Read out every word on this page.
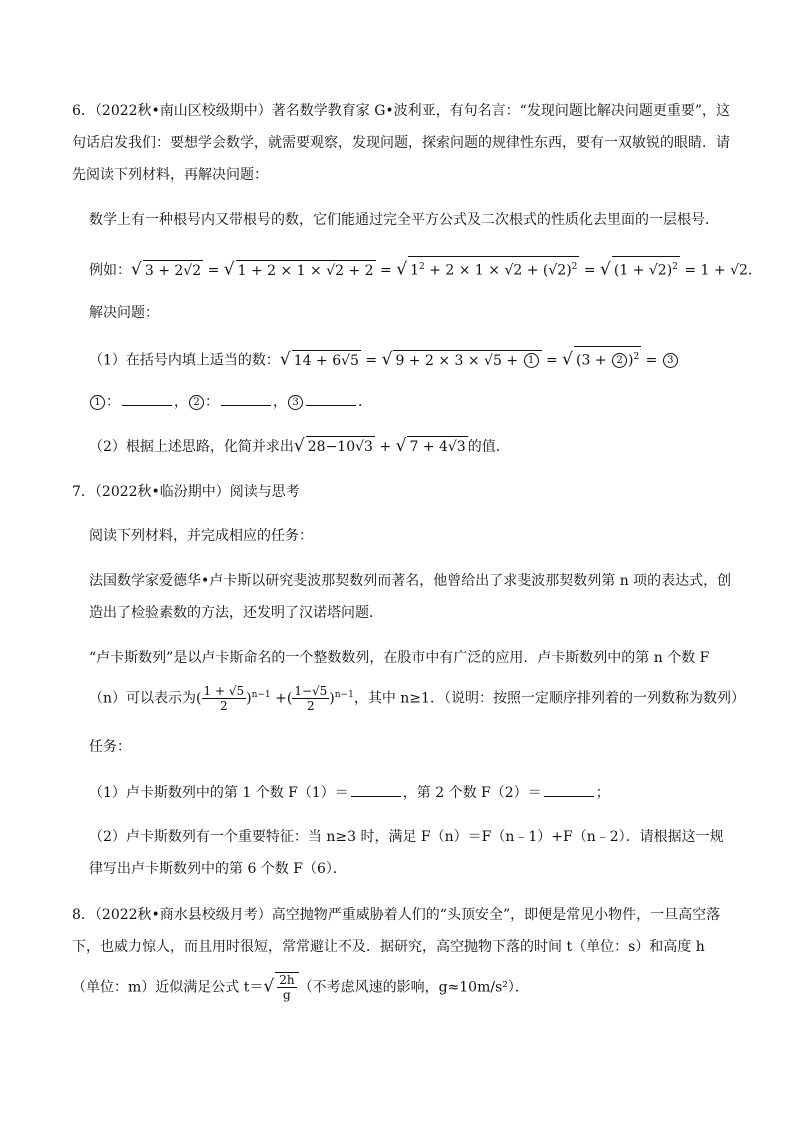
6．（2022秋•南山区校级期中）著名数学教育家 G•波利亚，有句名言：“发现问题比解决问题更重要”，这
句话启发我们：要想学会数学，就需要观察，发现问题，探索问题的规律性东西，要有一双敏锐的眼睛．请
先阅读下列材料，再解决问题：
数学上有一种根号内又带根号的数，它们能通过完全平方公式及二次根式的性质化去里面的一层根号．
例如：√ 3 + 2√2 = √ 1 + 2 × 1 × √2 + 2 = √ $1^2 + 2 \times 1 \times √2 + (√2)^2$ = √ $(1 + √2)^2 = 1 + √2$．
解决问题：
（1）在括号内填上适当的数：√ 14 + 6√5 = √ 9 + 2 × 3 × √5 + 1 = √ (3 + 2 )$^2$ = 3
1 ：	， 2 ：	， 3	．
（2）根据上述思路，化简并求出√ 28−10√3 + √ 7 + 4√3 的值．
7．（2022秋•临汾期中）阅读与思考
阅读下列材料，并完成相应的任务：
法国数学家爱德华•卢卡斯以研究斐波那契数列而著名，他曾给出了求斐波那契数列第 n 项的表达式，创
造出了检验素数的方法，还发明了汉诺塔问题．
“卢卡斯数列”是以卢卡斯命名的一个整数数列，在股市中有广泛的应用．卢卡斯数列中的第 n 个数 F
（n）可以表示为( $\frac{1 + √5}{2} )^{n-1}$ +( $\frac{1-√5}{2} )^{n-1}$，其中 n≥1．（说明：按照一定顺序排列着的一列数称为数列）
任务：
（1）卢卡斯数列中的第 1 个数 F（1）＝	，第 2 个数 F（2）＝	；
（2）卢卡斯数列有一个重要特征：当 n≥3 时，满足 F（n）＝F（n﹣1）+F（n﹣2）．请根据这一规
律写出卢卡斯数列中的第 6 个数 F（6）．
8．（2022秋•商水县校级月考）高空抛物严重威胁着人们的“头顶安全”，即便是常见小物件，一旦高空落
下，也威力惊人，而且用时很短，常常避让不及．据研究，高空抛物下落的时间 t（单位：s）和高度 h
（单位：m）近似满足公式 $t=√ \frac{2h}{g}$ （不考虑风速的影响，g≈10m/s²）．
